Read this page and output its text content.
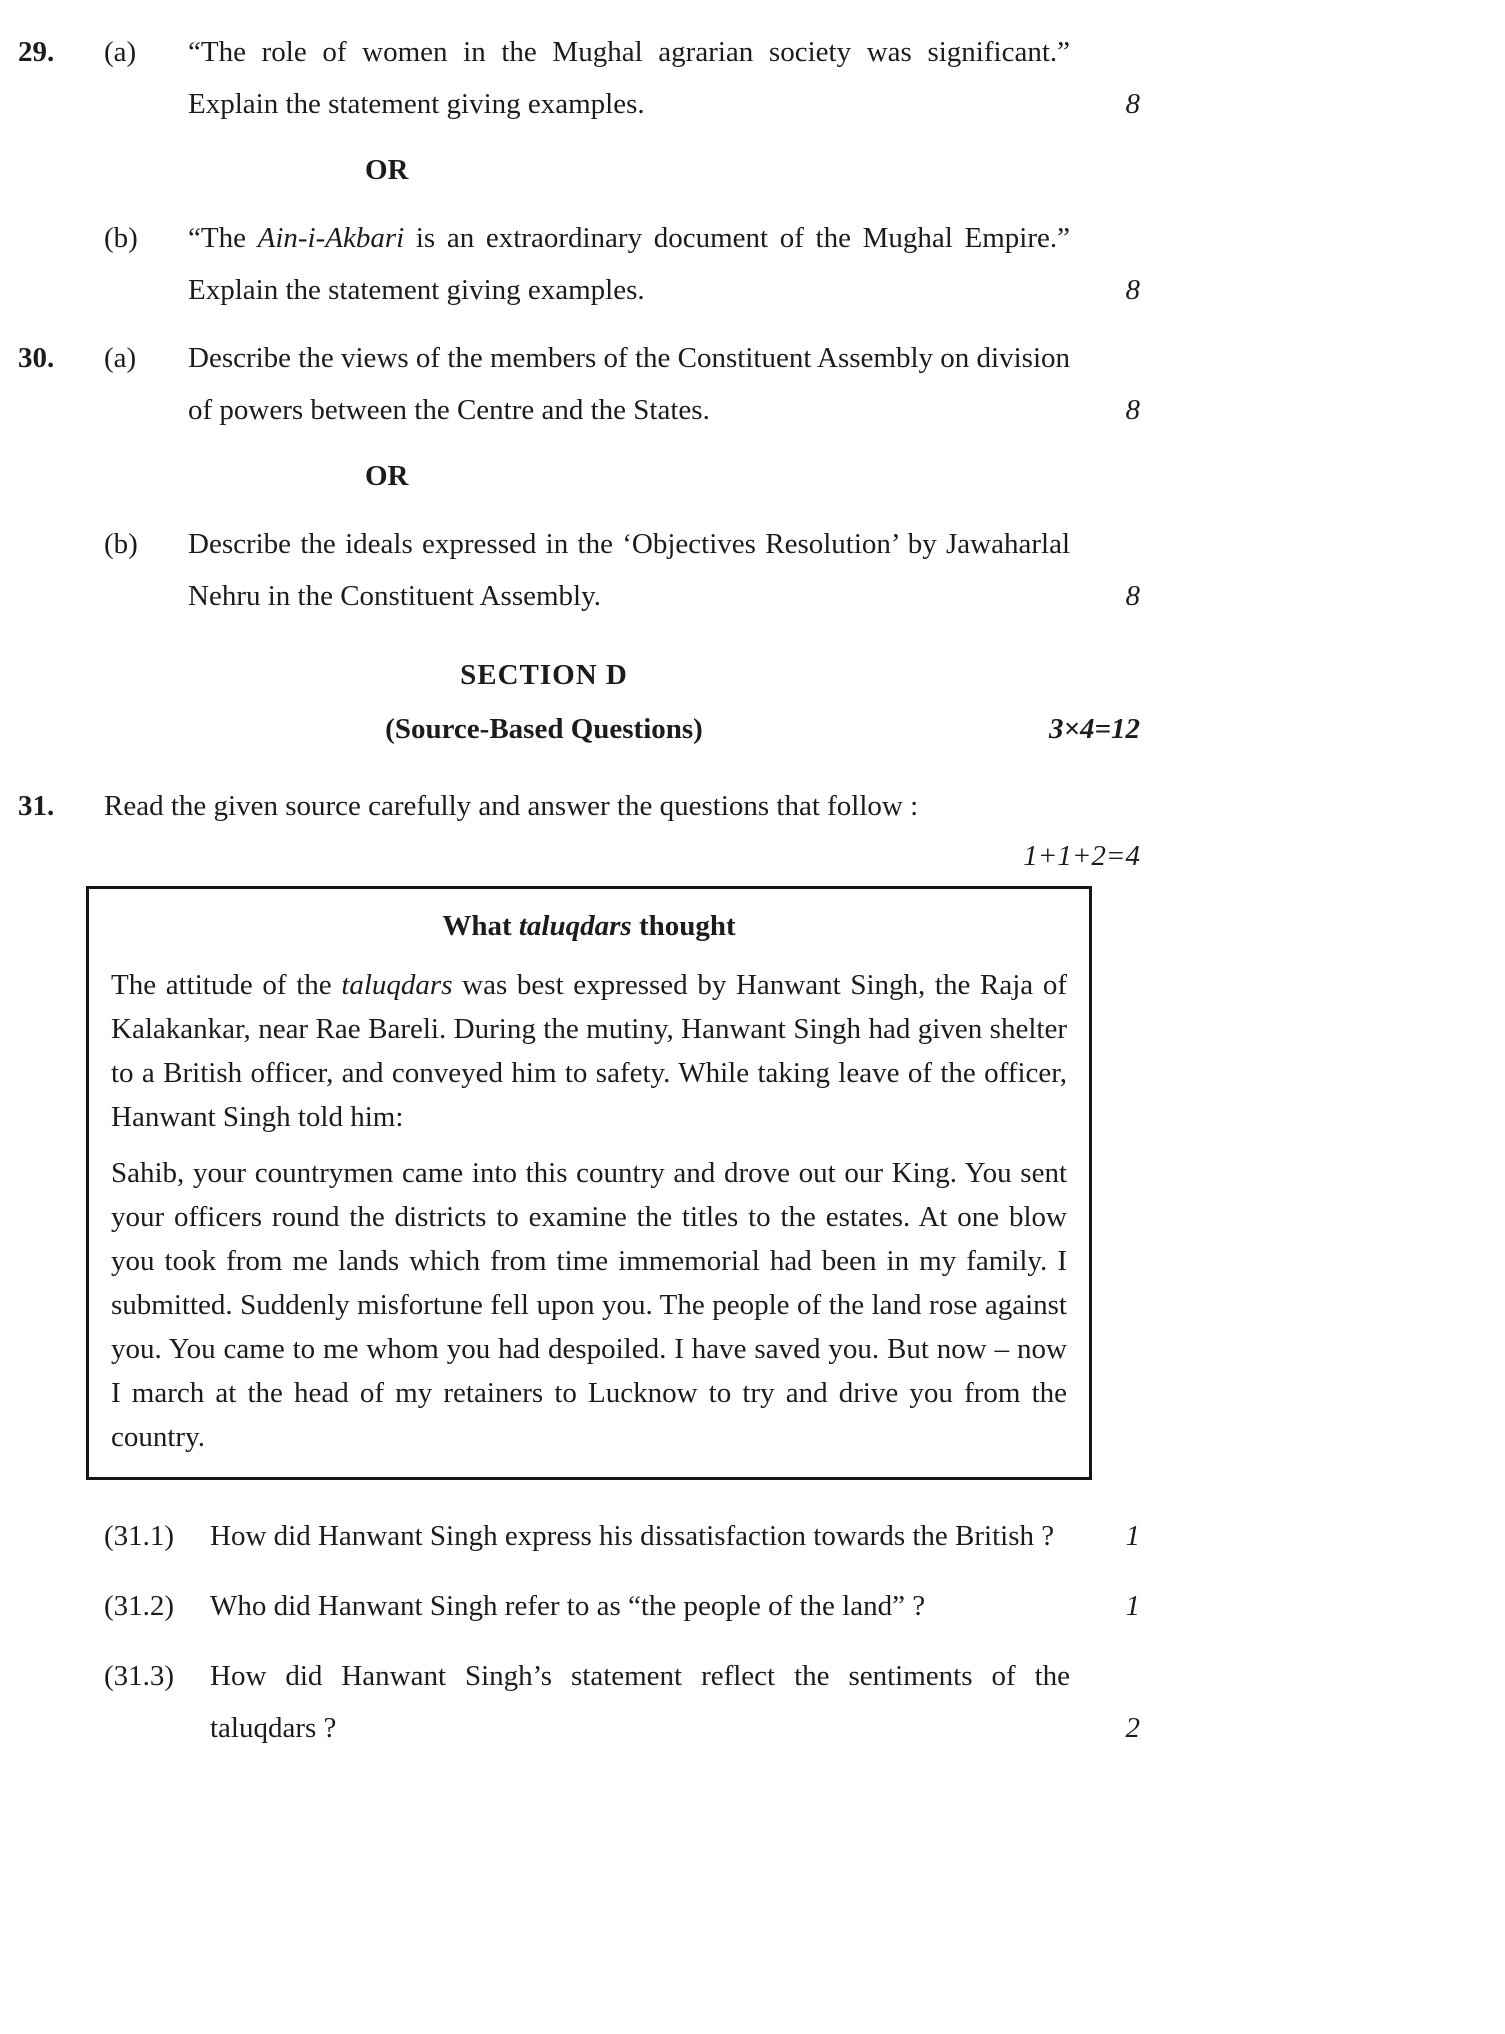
29.	(a)	“The role of women in the Mughal agrarian society was significant.” Explain the statement giving examples.	8
OR
(b)	“The Ain-i-Akbari is an extraordinary document of the Mughal Empire.” Explain the statement giving examples.	8
30.	(a)	Describe the views of the members of the Constituent Assembly on division of powers between the Centre and the States.	8
OR
(b)	Describe the ideals expressed in the ‘Objectives Resolution’ by Jawaharlal Nehru in the Constituent Assembly.	8
SECTION D
(Source-Based Questions)	3×4=12
31.	Read the given source carefully and answer the questions that follow :
1+1+2=4
What taluqdars thought

The attitude of the taluqdars was best expressed by Hanwant Singh, the Raja of Kalakankar, near Rae Bareli. During the mutiny, Hanwant Singh had given shelter to a British officer, and conveyed him to safety. While taking leave of the officer, Hanwant Singh told him:

Sahib, your countrymen came into this country and drove out our King. You sent your officers round the districts to examine the titles to the estates. At one blow you took from me lands which from time immemorial had been in my family. I submitted. Suddenly misfortune fell upon you. The people of the land rose against you. You came to me whom you had despoiled. I have saved you. But now – now I march at the head of my retainers to Lucknow to try and drive you from the country.

(31.1)	How did Hanwant Singh express his dissatisfaction towards the British ?	1
(31.2)	Who did Hanwant Singh refer to as “the people of the land” ?	1
(31.3)	How did Hanwant Singh’s statement reflect the sentiments of the taluqdars ?	2
